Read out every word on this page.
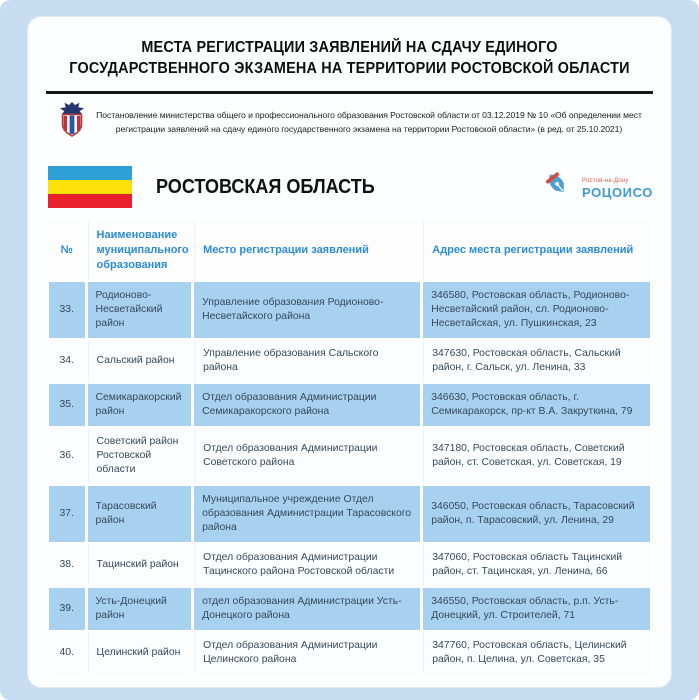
МЕСТА РЕГИСТРАЦИИ ЗАЯВЛЕНИЙ НА СДАЧУ ЕДИНОГО
ГОСУДАРСТВЕННОГО ЭКЗАМЕНА НА ТЕРРИТОРИИ РОСТОВСКОЙ ОБЛАСТИ
Постановление министерства общего и профессионального образования Ростовской области от 03.12.2019 № 10 «Об определении мест
регистрации заявлений на сдачу единого государственного экзамена на территории Ростовской области» (в ред. от 25.10.2021)
РОСТОВСКАЯ ОБЛАСТЬ	Ростов-на-Дону
РОЦОИСО
№	Наименование муниципального образования	Место регистрации заявлений	Адрес места регистрации заявлений
33.	Родионово-Несветайский район	Управление образования Родионово-Несветайского района	346580, Ростовская область, Родионово-Несветайский район, сл. Родионово-Несветайская, ул. Пушкинская, 23
34.	Сальский район	Управление образования Сальского района	347630, Ростовская область, Сальский район, г. Сальск, ул. Ленина, 33
35.	Семикаракорский район	Отдел образования Администрации Семикаракорского района	346630, Ростовская область, г. Семикаракорск, пр-кт В.А. Закруткина, 79
36.	Советский район Ростовской области	Отдел образования Администрации Советского района	347180, Ростовская область, Советский район, ст. Советская, ул. Советская, 19
37.	Тарасовский район	Муниципальное учреждение Отдел образования Администрации Тарасовского района	346050, Ростовская область, Тарасовский район, п. Тарасовский, ул. Ленина, 29
38.	Тацинский район	Отдел образования Администрации Тацинского района Ростовской области	347060, Ростовская область Тацинский район, ст. Тацинская, ул. Ленина, 66
39.	Усть-Донецкий район	отдел образования Администрации Усть-Донецкого района	346550, Ростовская область, р.п. Усть-Донецкий, ул. Строителей, 71
40.	Целинский район	Отдел образования Администрации Целинского района	347760, Ростовская область, Целинский район, п. Целина, ул. Советская, 35
